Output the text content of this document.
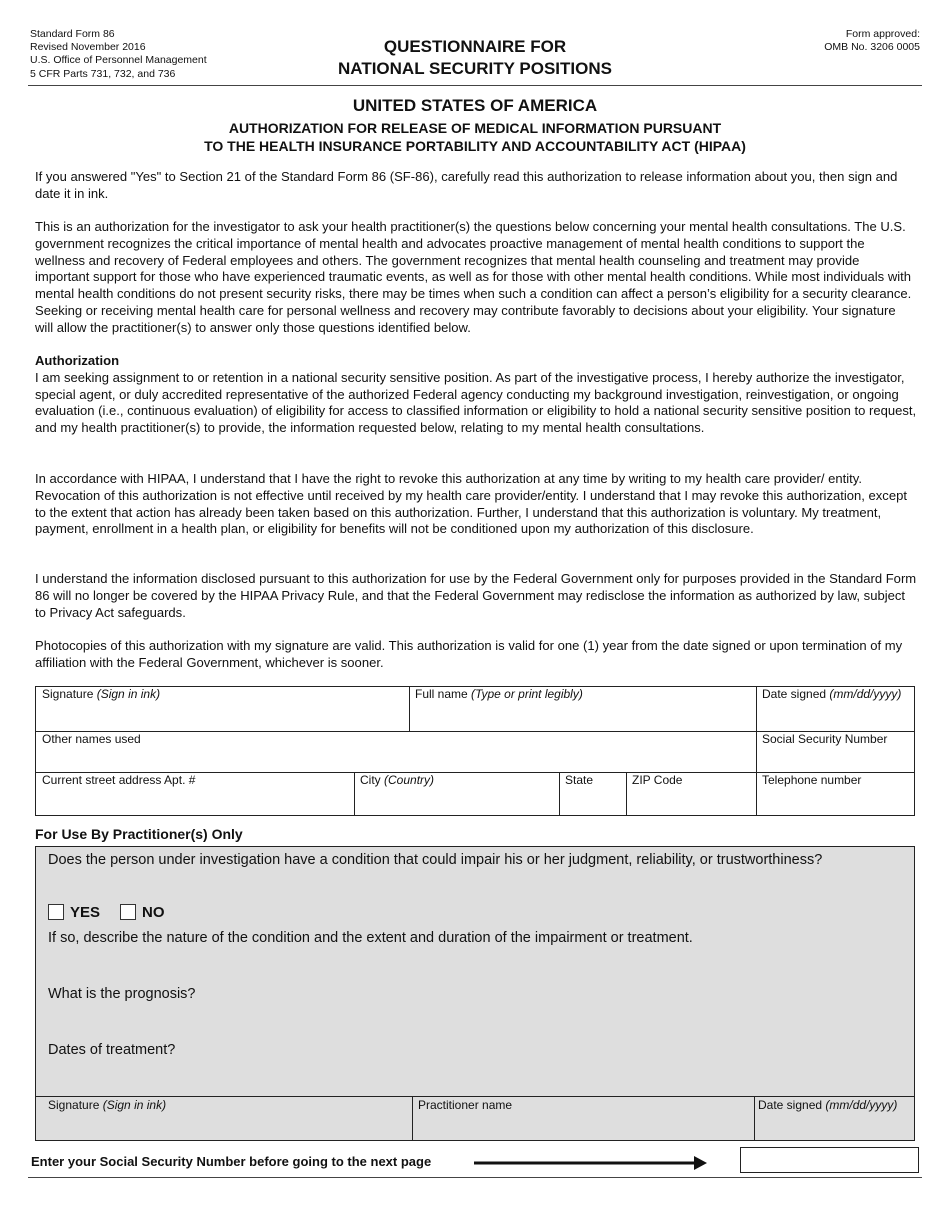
Standard Form 86
Revised November 2016
U.S. Office of Personnel Management
5 CFR Parts 731, 732, and 736
QUESTIONNAIRE FOR
NATIONAL SECURITY POSITIONS
Form approved:
OMB No. 3206 0005
UNITED STATES OF AMERICA
AUTHORIZATION FOR RELEASE OF MEDICAL INFORMATION PURSUANT
TO THE HEALTH INSURANCE PORTABILITY AND ACCOUNTABILITY ACT (HIPAA)
If you answered "Yes" to Section 21 of the Standard Form 86 (SF-86), carefully read this authorization to release information about you, then sign and date it in ink.
This is an authorization for the investigator to ask your health practitioner(s) the questions below concerning your mental health consultations. The U.S. government recognizes the critical importance of mental health and advocates proactive management of mental health conditions to support the wellness and recovery of Federal employees and others. The government recognizes that mental health counseling and treatment may provide important support for those who have experienced traumatic events, as well as for those with other mental health conditions. While most individuals with mental health conditions do not present security risks, there may be times when such a condition can affect a person’s eligibility for a security clearance. Seeking or receiving mental health care for personal wellness and recovery may contribute favorably to decisions about your eligibility. Your signature will allow the practitioner(s) to answer only those questions identified below.
Authorization
I am seeking assignment to or retention in a national security sensitive position. As part of the investigative process, I hereby authorize the investigator, special agent, or duly accredited representative of the authorized Federal agency conducting my background investigation, reinvestigation, or ongoing evaluation (i.e., continuous evaluation) of eligibility for access to classified information or eligibility to hold a national security sensitive position to request, and my health practitioner(s) to provide, the information requested below, relating to my mental health consultations.
In accordance with HIPAA, I understand that I have the right to revoke this authorization at any time by writing to my health care provider/ entity. Revocation of this authorization is not effective until received by my health care provider/entity. I understand that I may revoke this authorization, except to the extent that action has already been taken based on this authorization. Further, I understand that this authorization is voluntary. My treatment, payment, enrollment in a health plan, or eligibility for benefits will not be conditioned upon my authorization of this disclosure.
I understand the information disclosed pursuant to this authorization for use by the Federal Government only for purposes provided in the Standard Form 86 will no longer be covered by the HIPAA Privacy Rule, and that the Federal Government may redisclose the information as authorized by law, subject to Privacy Act safeguards.
Photocopies of this authorization with my signature are valid. This authorization is valid for one (1) year from the date signed or upon termination of my affiliation with the Federal Government, whichever is sooner.
Signature (Sign in ink)	Full name (Type or print legibly)	Date signed (mm/dd/yyyy)
Other names used	Social Security Number
Current street address Apt. #	City (Country)	State	ZIP Code	Telephone number
For Use By Practitioner(s) Only
Does the person under investigation have a condition that could impair his or her judgment, reliability, or trustworthiness?
YES	NO
If so, describe the nature of the condition and the extent and duration of the impairment or treatment.
What is the prognosis?
Dates of treatment?
Signature (Sign in ink)	Practitioner name	Date signed (mm/dd/yyyy)
Enter your Social Security Number before going to the next page
